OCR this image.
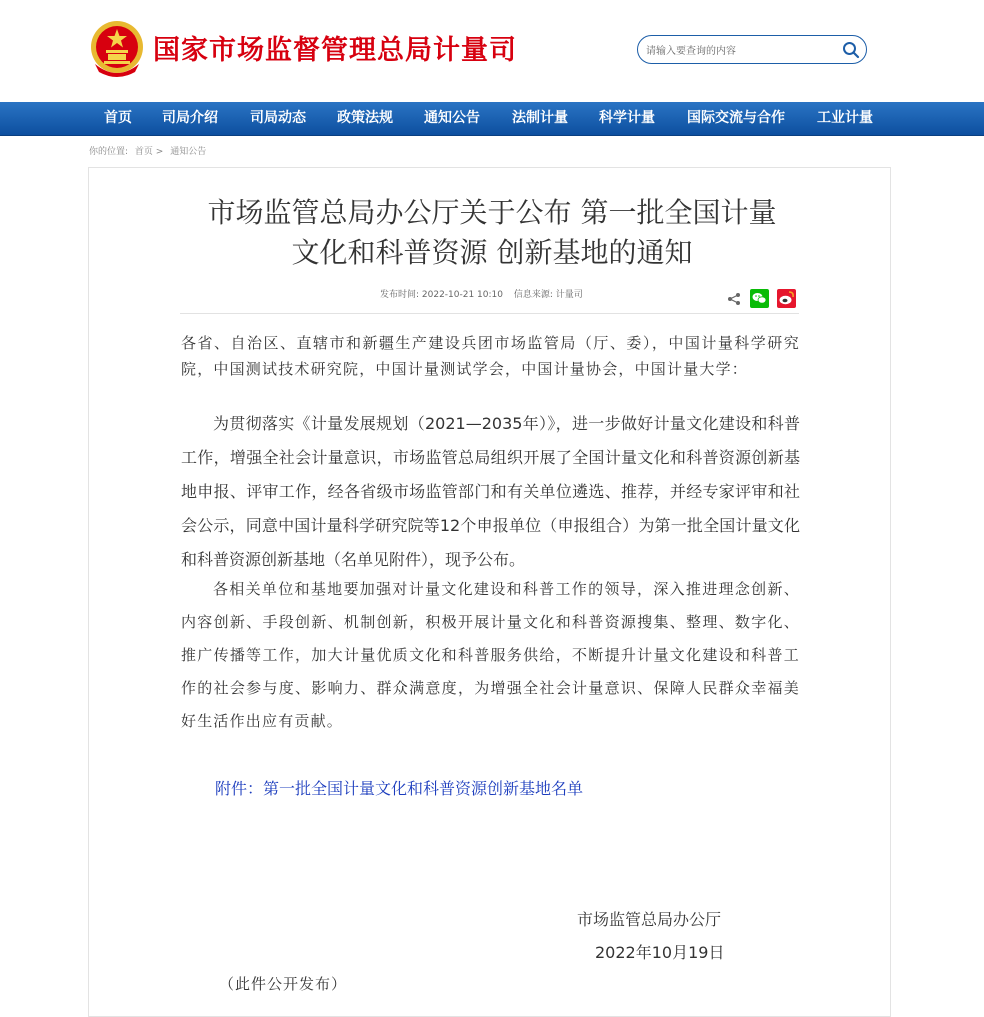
国家市场监督管理总局计量司
请输入要查询的内容
首页 司局介绍 司局动态 政策法规 通知公告 法制计量 科学计量 国际交流与合作 工业计量
你的位置: 首页 > 通知公告
市场监管总局办公厅关于公布 第一批全国计量
文化和科普资源 创新基地的通知
发布时间: 2022-10-21 10:10 信息来源: 计量司
各省、自治区、直辖市和新疆生产建设兵团市场监管局（厅、委），中国计量科学研究院，中国测试技术研究院，中国计量测试学会，中国计量协会，中国计量大学：
为贯彻落实《计量发展规划（2021—2035年）》，进一步做好计量文化建设和科普工作，增强全社会计量意识，市场监管总局组织开展了全国计量文化和科普资源创新基地申报、评审工作，经各省级市场监管部门和有关单位遴选、推荐，并经专家评审和社会公示，同意中国计量科学研究院等12个申报单位（申报组合）为第一批全国计量文化和科普资源创新基地（名单见附件），现予公布。
各相关单位和基地要加强对计量文化建设和科普工作的领导，深入推进理念创新、内容创新、手段创新、机制创新，积极开展计量文化和科普资源搜集、整理、数字化、推广传播等工作，加大计量优质文化和科普服务供给，不断提升计量文化建设和科普工作的社会参与度、影响力、群众满意度，为增强全社会计量意识、保障人民群众幸福美好生活作出应有贡献。
附件：第一批全国计量文化和科普资源创新基地名单
市场监管总局办公厅
2022年10月19日
（此件公开发布）
